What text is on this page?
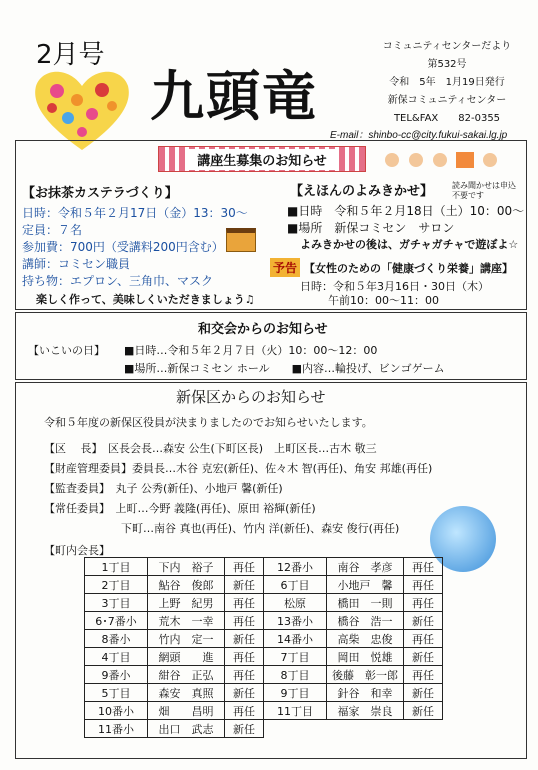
2月号
九頭竜
コミュニティセンターだより
第532号
令和　5年　1月19日発行
新保コミュニティセンター
TEL&FAX　　82-0355
E-mail：shinbo-cc@city.fukui-sakai.lg.jp
講座生募集のお知らせ
【お抹茶カステラづくり】
日時：令和５年２月17日（金）13：30～
定員：７名
参加費：700円（受講料200円含む）
講師：コミセン職員
持ち物：エプロン、三角巾、マスク
楽しく作って、美味しくいただきましょう♫
【えほんのよみきかせ】 読み聞かせは申込不要です
■日時　令和５年２月18日（土）10：00～
■場所　新保コミセン　サロン
よみきかせの後は、ガチャガチャで遊ぼよ☆
予告 【女性のための「健康づくり栄養」講座】
日時：令和５年3月16日・30日（木）
午前10：00～11：00
和交会からのお知らせ
【いこいの日】 ■日時…令和５年２月７日（火）10：00～12：00
■場所…新保コミセン ホール　　■内容…輪投げ、ビンゴゲーム
新保区からのお知らせ
令和５年度の新保区役員が決まりましたのでお知らせいたします。
【区　 長】　区長会長…森安 公生(下町区長)　上町区長…古木 敬三
【財産管理委員】委員長…木谷 克宏(新任)、佐々木 智(再任)、角安 邦雄(再任)
【監査委員】　丸子 公秀(新任)、小地戸 馨(新任)
【常任委員】　上町…今野 義隆(再任)、原田 裕輝(新任)
　　　　　　　下町…南谷 真也(再任)、竹内 洋(新任)、森安 俊行(再任)
【町内会長】
1丁目	下内　裕子	再任	12番小	南谷　孝彦	再任
2丁目	鮎谷　俊郎	新任	6丁目	小地戸　馨	再任
3丁目	上野　紀男	再任	松原	橋田　一則	再任
6･7番小	荒木　一幸	再任	13番小	橋谷　浩一	新任
8番小	竹内　定一	新任	14番小	高柴　忠俊	再任
4丁目	網頭　　進	再任	7丁目	岡田　悦雄	新任
9番小	紺谷　正弘	再任	8丁目	後藤　彰一郎	再任
5丁目	森安　真照	新任	9丁目	針谷　和幸	新任
10番小	畑　　昌明	再任	11丁目	福家　崇良	新任
11番小	出口　武志	新任			
